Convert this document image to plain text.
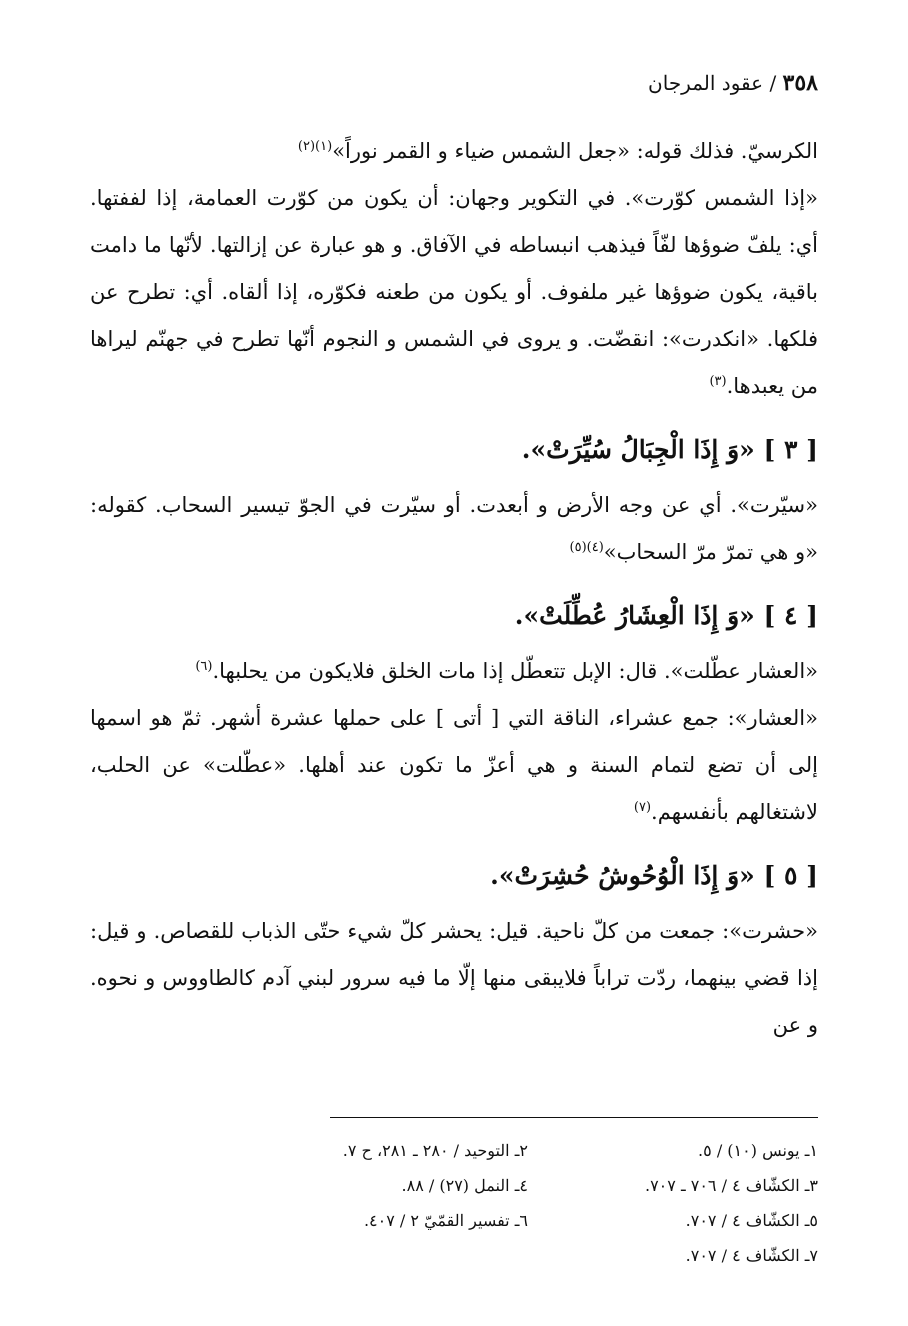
٣٥٨ / عقود المرجان

الكرسيّ. فذلك قوله: «جعل الشمس ضياء و القمر نوراً»$^{(١)(٢)}$

«إذا الشمس كوّرت». في التكوير وجهان: أن يكون من كوّرت العمامة، إذا لففتها. أي: يلفّ ضوؤها لفّاً فيذهب انبساطه في الآفاق. و هو عبارة عن إزالتها. لأنّها ما دامت باقية، يكون ضوؤها غير ملفوف. أو يكون من طعنه فكوّره، إذا ألقاه. أي: تطرح عن فلكها. «انكدرت»: انقضّت. و يروى في الشمس و النجوم أنّها تطرح في جهنّم ليراها من يعبدها.$^{(٣)}$

[ ٣ ] «وَ إِذَا الْجِبَالُ سُيِّرَتْ».

«سيّرت». أي عن وجه الأرض و أبعدت. أو سيّرت في الجوّ تيسير السحاب. كقوله: «و هي تمرّ مرّ السحاب»$^{(٤)(٥)}$

[ ٤ ] «وَ إِذَا الْعِشَارُ عُطِّلَتْ».

«العشار عطّلت». قال: الإبل تتعطّل إذا مات الخلق فلايكون من يحلبها.$^{(٦)}$

«العشار»: جمع عشراء، الناقة التي [ أتى ] على حملها عشرة أشهر. ثمّ هو اسمها إلى أن تضع لتمام السنة و هي أعزّ ما تكون عند أهلها. «عطّلت» عن الحلب، لاشتغالهم بأنفسهم.$^{(٧)}$

[ ٥ ] «وَ إِذَا الْوُحُوشُ حُشِرَتْ».

«حشرت»: جمعت من كلّ ناحية. قيل: يحشر كلّ شيء حتّى الذباب للقصاص. و قيل: إذا قضي بينهما، ردّت تراباً فلايبقى منها إلّا ما فيه سرور لبني آدم كالطاووس و نحوه. و عن

١ـ يونس (١٠) / ٥.
٢ـ التوحيد / ٢٨٠ ـ ٢٨١، ح ٧.
٣ـ الكشّاف ٤ / ٧٠٦ ـ ٧٠٧.
٤ـ النمل (٢٧) / ٨٨.
٥ـ الكشّاف ٤ / ٧٠٧.
٦ـ تفسير القمّيّ ٢ / ٤٠٧.
٧ـ الكشّاف ٤ / ٧٠٧.
